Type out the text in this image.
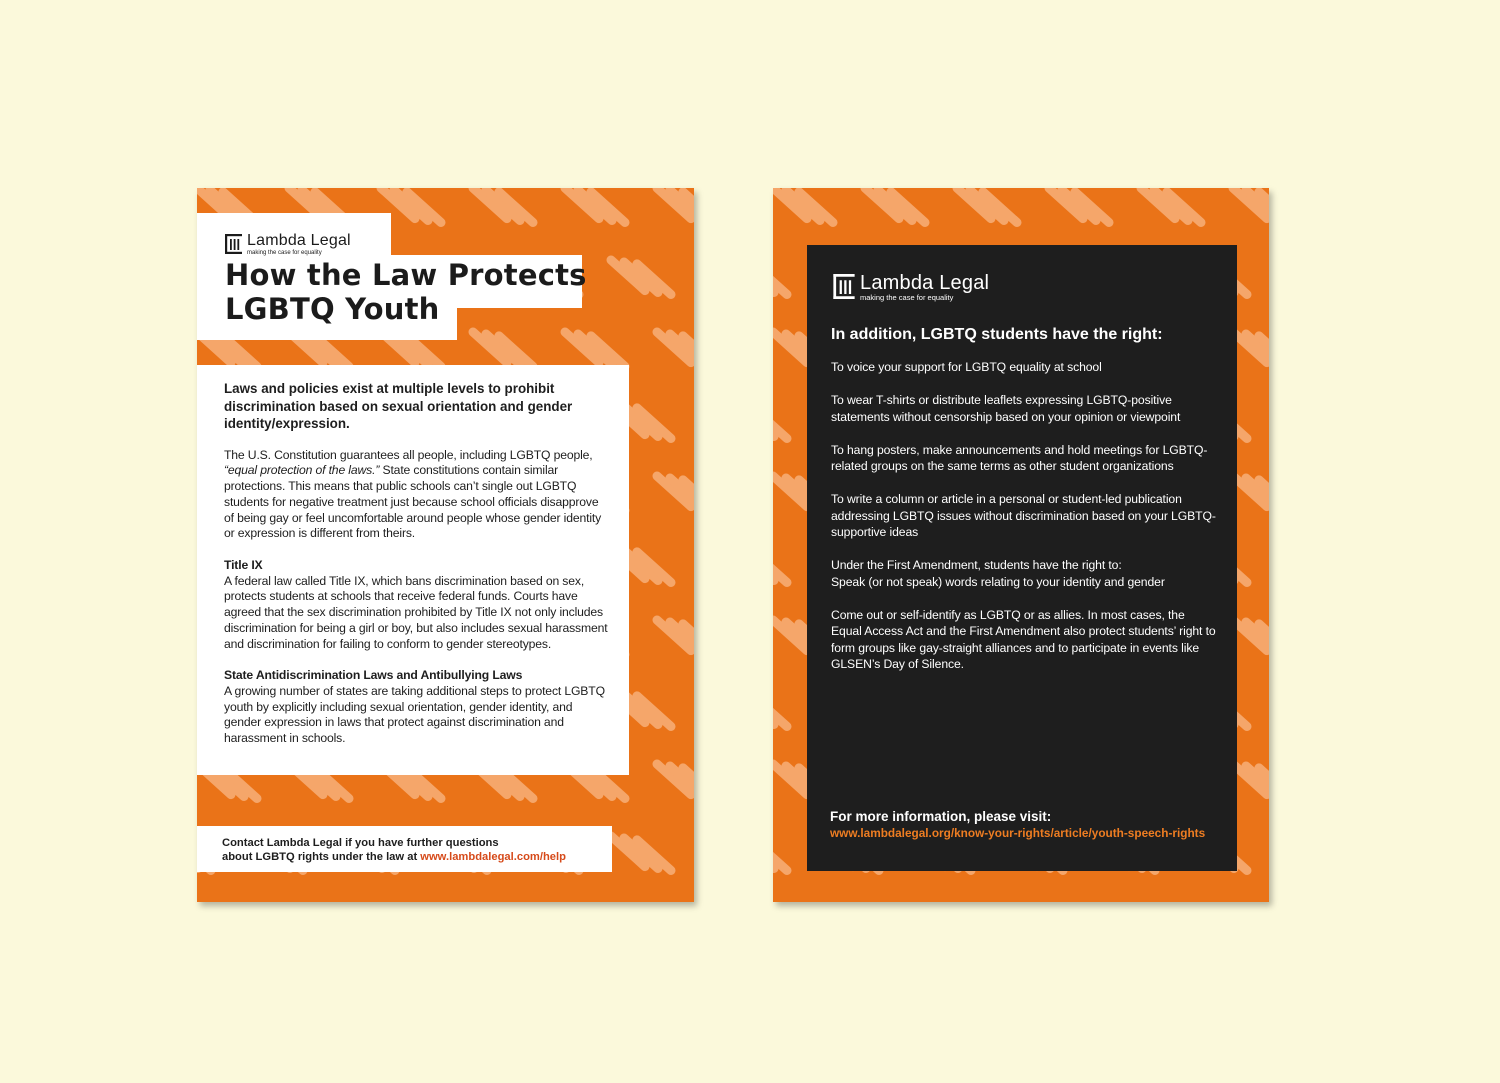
Lambda Legal
making the case for equality
How the Law Protects
LGBTQ Youth

Laws and policies exist at multiple levels to prohibit discrimination based on sexual orientation and gender identity/expression.

The U.S. Constitution guarantees all people, including LGBTQ people, “equal protection of the laws.” State constitutions contain similar protections. This means that public schools can’t single out LGBTQ students for negative treatment just because school officials disapprove of being gay or feel uncomfortable around people whose gender identity or expression is different from theirs.

Title IX
A federal law called Title IX, which bans discrimination based on sex, protects students at schools that receive federal funds. Courts have agreed that the sex discrimination prohibited by Title IX not only includes discrimination for being a girl or boy, but also includes sexual harassment and discrimination for failing to conform to gender stereotypes.

State Antidiscrimination Laws and Antibullying Laws
A growing number of states are taking additional steps to protect LGBTQ youth by explicitly including sexual orientation, gender identity, and gender expression in laws that protect against discrimination and harassment in schools.

Contact Lambda Legal if you have further questions
about LGBTQ rights under the law at www.lambdalegal.com/help
Lambda Legal
making the case for equality
In addition, LGBTQ students have the right:

To voice your support for LGBTQ equality at school

To wear T-shirts or distribute leaflets expressing LGBTQ-positive statements without censorship based on your opinion or viewpoint

To hang posters, make announcements and hold meetings for LGBTQ-related groups on the same terms as other student organizations

To write a column or article in a personal or student-led publication addressing LGBTQ issues without discrimination based on your LGBTQ-supportive ideas

Under the First Amendment, students have the right to:
Speak (or not speak) words relating to your identity and gender

Come out or self-identify as LGBTQ or as allies. In most cases, the Equal Access Act and the First Amendment also protect students’ right to form groups like gay-straight alliances and to participate in events like GLSEN’s Day of Silence.

For more information, please visit:
www.lambdalegal.org/know-your-rights/article/youth-speech-rights
